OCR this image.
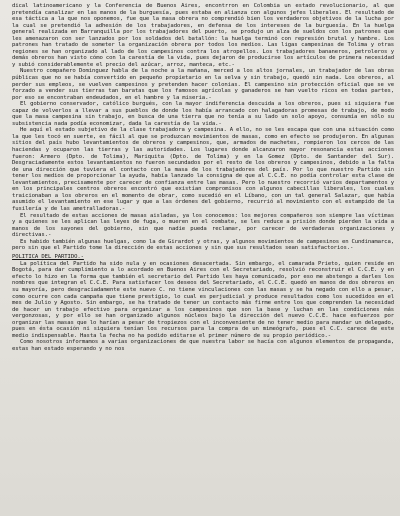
dical latinoamericano y la Conferencia de Buenos Aires, encontrron en Colombia un estado revolucionario, al que pretendía canalizar en las manos de la burguesía, pues estaba en alianza con algunos jefes liberales. El resultado de esa táctica a la que nos oponemos, fue que la masa obrera no comprendió bien los verdaderos objetivos de la lucha por la cual se pretendió la adhesión de los trabajadores, en defensa de los intereses de la burguesía. En la huelga general realizada en Barranquilla por los trabajadores del puerto, se produjo un alza de sueldos con los patrones que les amenazaron con ser lanzados por los soldados del batallón: la huelga terminó con represión brutal y hambre. Los patrones han tratado de someter la organización obrera por todos los medios. Las ligas campesinas de Tolima y otras regiones se han organizado al lado de los campesinos contra los atropellos. Los trabajadores bananeros, petroleros y demás obreros han visto cómo con la carestía de la vida, pues dejaron de producirse los artículos de primera necesidad y subió considerablemente el precio del azúcar, arroz, manteca, etc.-

Nuestro compañero Dominguez habla de la noche a la mañana, merced a los altos jornales, un trabajador de las obras públicas que no se había convertido en pequeño propietario en la selva y sin trabajo, quedó sin nada. Los obreros, al perder sus empleos, se vuelven campesinos y pretenden hacer colonias. El campesino sin protección oficial que se ve forzado a vender sus tierras tan baratas que los famosos agrícolas y ganaderos se han vuelto ricos en todas partes, por eso se encontraban endeudados, en el hambre y la miseria.-

El gobierno conservador, católico burgués, con la mayor indiferencia descuida a los obreros, pues si siquiera fue capaz de volverlos a llevar a sus pueblos de donde los había arrancado con halagadoras promesas de trabajo, de modo que la masa campesina sin trabajo, en busca de una tierra que no tenía a su lado un solo apoyo, consumía en sólo su subsistencia nada podía economizar, dada la carestía de la vida.-

He aquí el estado subjetivo de la clase trabajadora y campesina. A ello, no se les escapa que con una situación como la que les tocó en suerte, es fácil al que se produzcan movimientos de masas, como en efecto se produjeron. En algunas sitios del país hubo levantamientos de obreros y campesinos, que, armados de machetes, rompieron los cercos de las haciendas y ocuparon las tierras y las autoridades. Los lugares donde alcanzaron mayor resonancia estas acciones fueron: Armero (Dpto. de Tolima), Mariquita (Dpto. de Tolima) y en la Gomez (Dpto. de Santander del Sur). Desgraciadamente estos levantamientos no fueron secundados por el resto de los obreros y campesinos, debido a la falta de una dirección que tuviera el contacto con la masa de los trabajadores del país. Por lo que nuestro Partido sin tener los medios de proporcionar la ayuda, había lanzado la consigna de que al C.C.E. no podía controlar esta clase de levantamientos, precisamente por carecer de confianza entre las masas. Pero lo nuestro recorrió varios departamentos y en los principales centros obreros encontró que existían compromisos con algunos cabecillas liberales, los cuales traicionaban a los obreros en el momento de obrar, como sucedió en el Líbano, con un tal general Salazar, que había asumido el levantamiento en ese lugar y que a las órdenes del gobierno, recurrió al movimiento con el estampido de la fusilería y de las ametralladoras.-

El resultado de estas acciones de masas aisladas, ya los conocemos: los mejores compañeros son siempre las víctimas y a quienes se les aplican las leyes de fuga, o mueren en el combate, se les reduce a prisión donde pierden la vida a manos de los sayones del gobierno, sin que nadie pueda reclamar, por carecer de verdaderas organizaciones y directivas.-

Es habido también algunas huelgas, como la de Girardot y otras, y algunos movimientos de campesinos en Cundinamarca, pero sin que el Partido tome la dirección de estas acciones y sin que sus resultados sean satisfactorios.-

POLITICA DEL PARTIDO.-

La política del Partido ha sido nula y en ocasiones desacertada. Sin embargo, el camarada Prieto, quien reside en Bogotá, para dar cumplimiento a lo acordado en Buenos Aires con el Secretariado, resolvió reconstruir el C.C.E. y en efecto lo hizo en la forma que también el secretario del Partido les haya comunicado, por eso me abstengo a darles los nombres que integran el C.C.E. Para satisfacer los deseos del Secretariado, el C.C.E. quedó en manos de dos obreros en su mayoría, pero desgraciadamente este nuevo C. no tiene vinculaciones con las masas y se ha negado con ello a pesar, como ocurre con cada campaña que tiene prestigio, lo cual es perjudicial y produce resultados como los sucedidos en el mes de Julio y Agosto. Sin embargo, se ha tratado de tener un contacto más firme entre los que comprenden la necesidad de hacer un trabajo efectivo para organizar a los campesinos que son la base y luchan en las condiciones más vergonzosas, y por ello se han organizado algunos núcleos bajo la dirección del nuevo C.C.E. hace esfuerzos por organizar las masas que lo harían a pesar de tropiezos con el inconveniente de no tener medio para mandar un delegado, pues en ésta ocasión ni siquiera tenían los recursos para la compra de un mimeógrafo, pues el C.C. carece de este medio indispensable. Hasta la fecha no ha podido editarse el primer número de su propio periódico.-

Como nosotros informamos a varias organizaciones de que nuestra labor se hacía con algunos elementos de propaganda, estas han estado esperando y no nos
